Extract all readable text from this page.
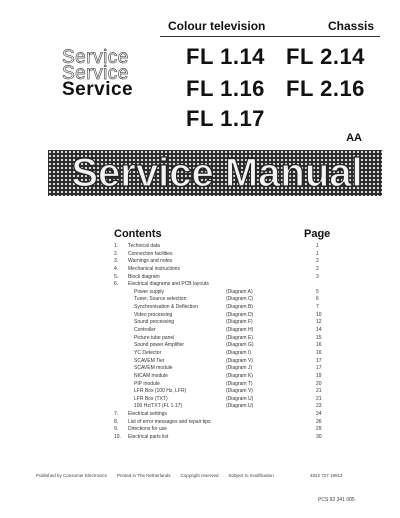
Colour television	Chassis
Service
Service
Service
FL 1.14 FL 2.14
FL 1.16 FL 2.16
FL 1.17
AA
Service Manual
Contents	Page
1.	Technical data	1
2.	Connection facilities	1
3.	Warnings and notes	2
4.	Mechanical instructions	2
5.	Block diagram	3
6.	Electrical diagrams and PCB layouts
Power supply	(Diagram A)	5
Tuner, Source selection	(Diagram C)	6
Synchronisation & Deflection	(Diagram B)	7
Video processing	(Diagram D)	10
Sound processing	(Diagram F)	12
Controller	(Diagram H)	14
Picture tube panel	(Diagram E)	15
Sound power Amplifier	(Diagram G)	16
YC Detector	(Diagram I)	16
SCAVEM Tier	(Diagram V)	17
SCAVEM module	(Diagram J)	17
NICAM module	(Diagram K)	19
PIP module	(Diagram T)	20
LFR Box (100 Hz, LFR)	(Diagram V)	21
LFR Box (TXT)	(Diagram U)	21
100 Hz/TXT (FL 1.17)	(Diagram U)	23
7.	Electrical settings	24
8.	List of error messages and repair tips	26
9.	Directions for use	29
10.	Electrical parts list	30
Published by Consumer Electronics Printed in The Netherlands Copyright reserved Subject to modification	4822 727 19913
PCS 92 341 005
